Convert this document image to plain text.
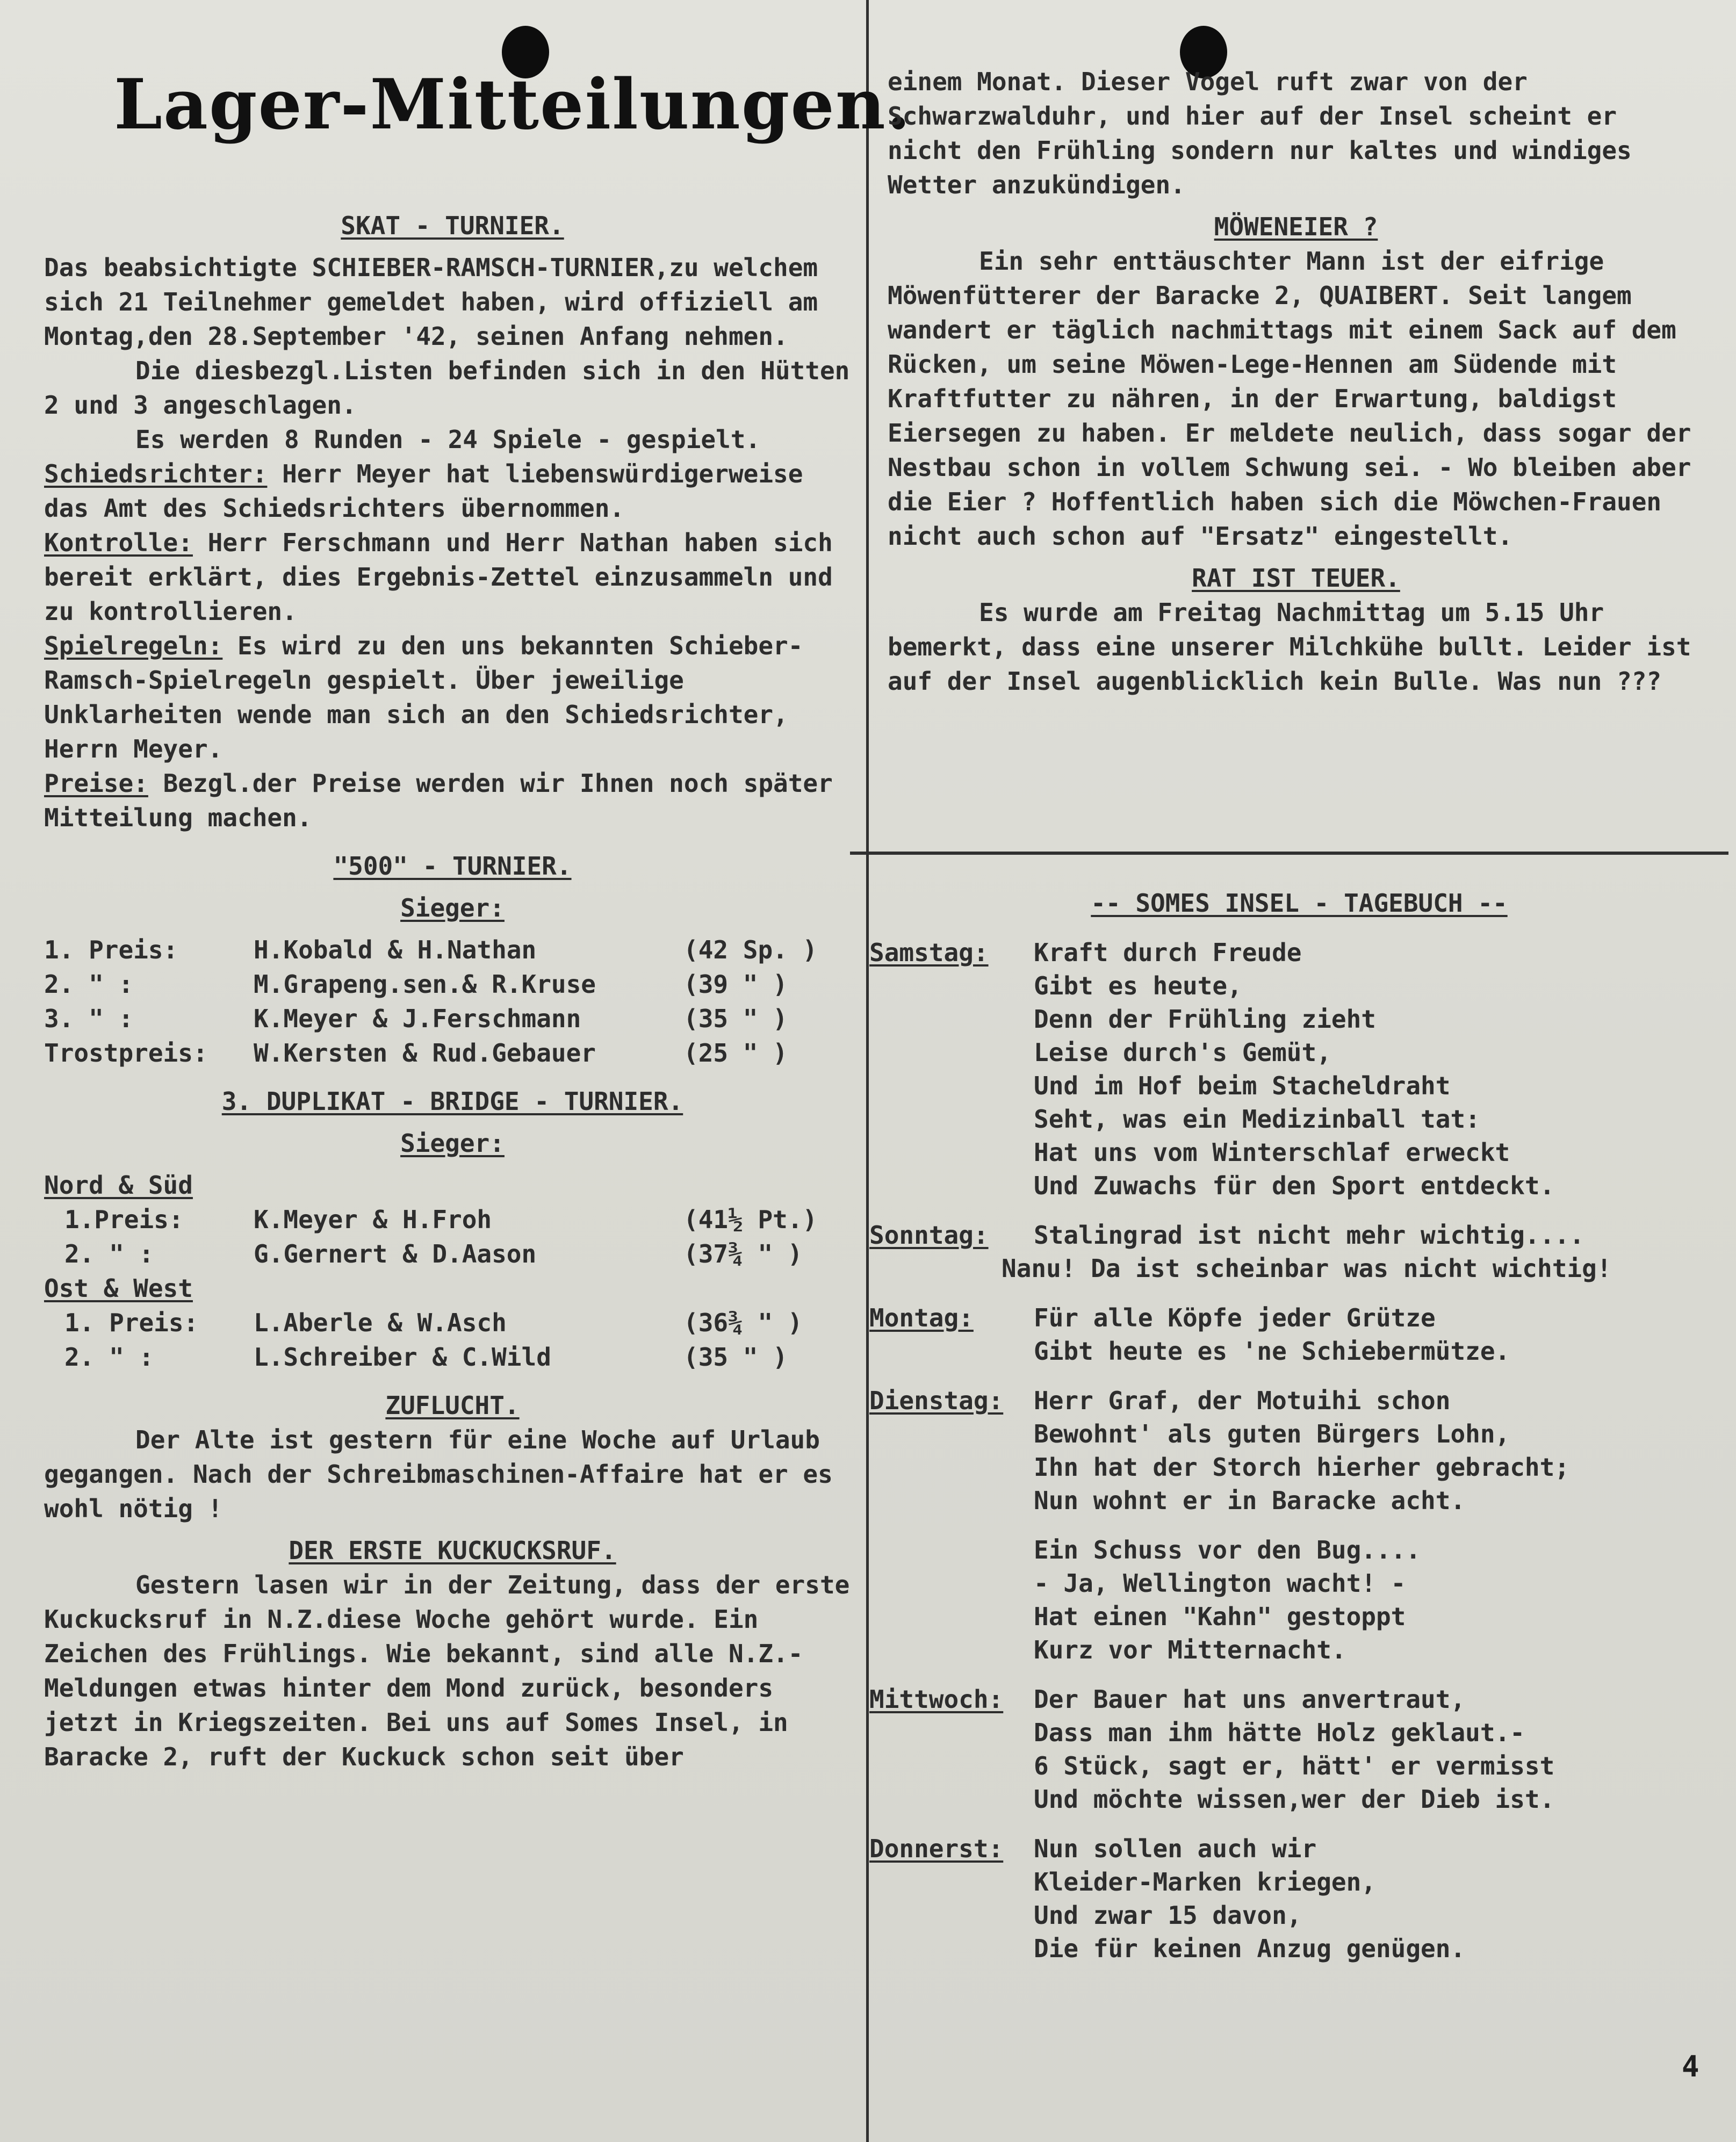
Lager-Mitteilungen.
SKAT - TURNIER.

Das beabsichtigte SCHIEBER-RAMSCH-TURNIER,zu welchem sich 21 Teilnehmer gemeldet haben, wird offiziell am Montag,den 28.September '42, seinen Anfang nehmen.

Die diesbezgl.Listen befinden sich in den Hütten 2 und 3 angeschlagen.

Es werden 8 Runden - 24 Spiele - gespielt.

Schiedsrichter: Herr Meyer hat liebenswürdigerweise das Amt des Schiedsrichters übernommen.

Kontrolle: Herr Ferschmann und Herr Nathan haben sich bereit erklärt, dies Ergebnis-Zettel einzusammeln und zu kontrollieren.

Spielregeln: Es wird zu den uns bekannten Schieber-Ramsch-Spielregeln gespielt. Über jeweilige Unklarheiten wende man sich an den Schiedsrichter, Herrn Meyer.

Preise: Bezgl.der Preise werden wir Ihnen noch später Mitteilung machen.

"500" - TURNIER.
Sieger:
1. Preis:	H.Kobald & H.Nathan	(42 Sp. )
2. " :	M.Grapeng.sen.& R.Kruse	(39 " )
3. " :	K.Meyer & J.Ferschmann	(35 " )
Trostpreis:	W.Kersten & Rud.Gebauer	(25 " )
3. DUPLIKAT - BRIDGE - TURNIER.
Sieger:
Nord & Süd
1.Preis:	K.Meyer & H.Froh	(41½ Pt.)
2. " :	G.Gernert & D.Aason	(37¾ " )
Ost & West
1. Preis:	L.Aberle & W.Asch	(36¾ " )
2. " :	L.Schreiber & C.Wild	(35 " )
ZUFLUCHT.

Der Alte ist gestern für eine Woche auf Urlaub gegangen. Nach der Schreibmaschinen-Affaire hat er es wohl nötig !

DER ERSTE KUCKUCKSRUF.

Gestern lasen wir in der Zeitung, dass der erste Kuckucksruf in N.Z.diese Woche gehört wurde. Ein Zeichen des Frühlings. Wie bekannt, sind alle N.Z.-Meldungen etwas hinter dem Mond zurück, besonders jetzt in Kriegszeiten. Bei uns auf Somes Insel, in Baracke 2, ruft der Kuckuck schon seit über

einem Monat. Dieser Vogel ruft zwar von der Schwarzwalduhr, und hier auf der Insel scheint er nicht den Frühling sondern nur kaltes und windiges Wetter anzukündigen.

MÖWENEIER ?

Ein sehr enttäuschter Mann ist der eifrige Möwenfütterer der Baracke 2, QUAIBERT. Seit langem wandert er täglich nachmittags mit einem Sack auf dem Rücken, um seine Möwen-Lege-Hennen am Südende mit Kraftfutter zu nähren, in der Erwartung, baldigst Eiersegen zu haben. Er meldete neulich, dass sogar der Nestbau schon in vollem Schwung sei. - Wo bleiben aber die Eier ? Hoffentlich haben sich die Möwchen-Frauen nicht auch schon auf "Ersatz" eingestellt.

RAT IST TEUER.

Es wurde am Freitag Nachmittag um 5.15 Uhr bemerkt, dass eine unserer Milchkühe bullt. Leider ist auf der Insel augenblicklich kein Bulle. Was nun ???

-- SOMES INSEL - TAGEBUCH --
Samstag:	Kraft durch Freude
Gibt es heute,
Denn der Frühling zieht
Leise durch's Gemüt,
Und im Hof beim Stacheldraht
Seht, was ein Medizinball tat:
Hat uns vom Winterschlaf erweckt
Und Zuwachs für den Sport entdeckt.
Sonntag:	Stalingrad ist nicht mehr wichtig....
Nanu! Da ist scheinbar was nicht wichtig!
Montag:	Für alle Köpfe jeder Grütze
Gibt heute es 'ne Schiebermütze.
Dienstag:	Herr Graf, der Motuihi schon
Bewohnt' als guten Bürgers Lohn,
Ihn hat der Storch hierher gebracht;
Nun wohnt er in Baracke acht.
Ein Schuss vor den Bug....
- Ja, Wellington wacht! -
Hat einen "Kahn" gestoppt
Kurz vor Mitternacht.
Mittwoch:	Der Bauer hat uns anvertraut,
Dass man ihm hätte Holz geklaut.-
6 Stück, sagt er, hätt' er vermisst
Und möchte wissen,wer der Dieb ist.
Donnerst:	Nun sollen auch wir
Kleider-Marken kriegen,
Und zwar 15 davon,
Die für keinen Anzug genügen.
4
